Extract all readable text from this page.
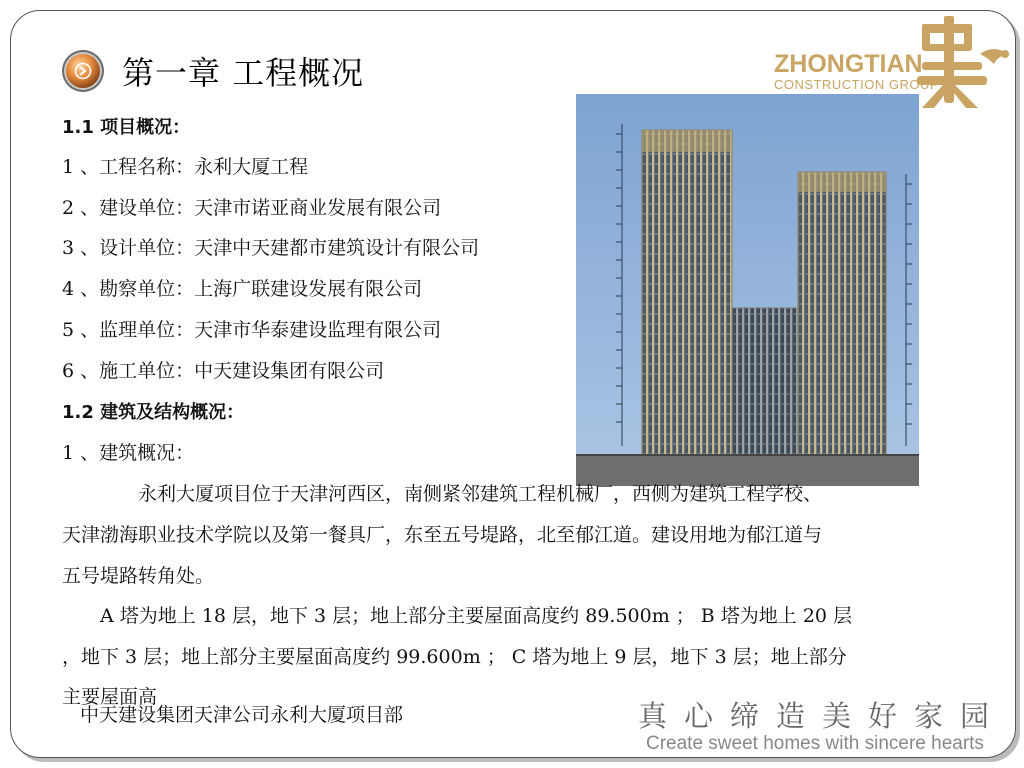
第一章 工程概况	ZHONGTIAN
CONSTRUCTION GROUP
1.1 项目概况：
1 、工程名称：永利大厦工程
2 、建设单位：天津市诺亚商业发展有限公司
3 、设计单位：天津中天建都市建筑设计有限公司
4 、勘察单位：上海广联建设发展有限公司
5 、监理单位：天津市华泰建设监理有限公司
6 、施工单位：中天建设集团有限公司
1.2 建筑及结构概况：
1 、建筑概况：
永利大厦项目位于天津河西区，南侧紧邻建筑工程机械厂，西侧为建筑工程学校、
天津渤海职业技术学院以及第一餐具厂，东至五号堤路，北至郁江道。建设用地为郁江道与
五号堤路转角处。
A 塔为地上 18 层，地下 3 层；地上部分主要屋面高度约 89.500m ； B 塔为地上 20 层
，地下 3 层；地上部分主要屋面高度约 99.600m ； C 塔为地上 9 层，地下 3 层；地上部分
主要屋面高
中天建设集团天津公司永利大厦项目部	真心缔造美好家园
Create sweet homes with sincere hearts
